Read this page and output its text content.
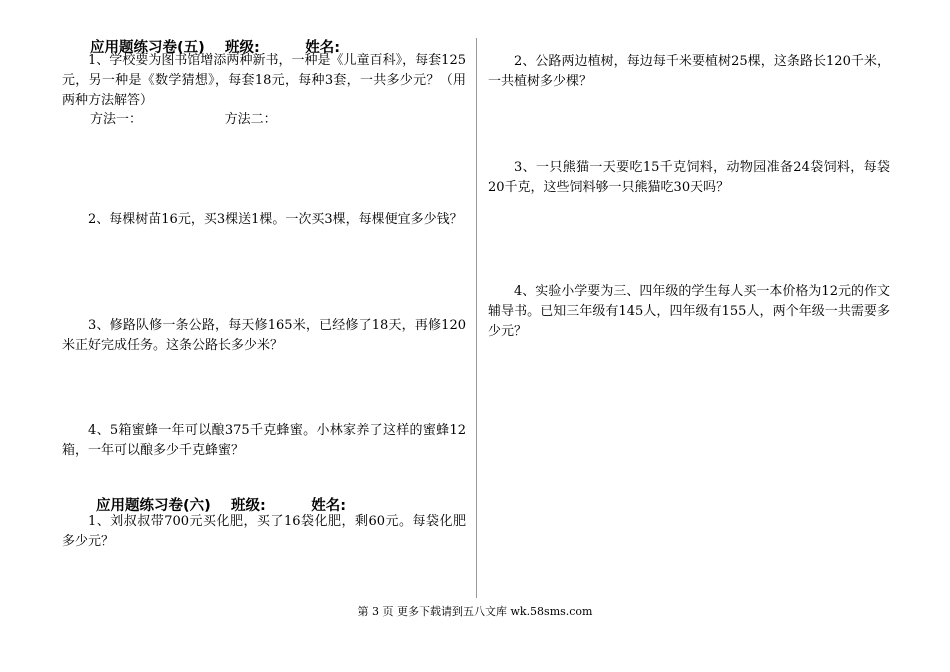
应用题练习卷(五) 班级:	姓名:

1、学校要为图书馆增添两种新书，一种是《儿童百科》，每套125元，另一种是《数学猜想》，每套18元，每种3套，一共多少元？（用两种方法解答）

方法一：	方法二：

2、每棵树苗16元，买3棵送1棵。一次买3棵，每棵便宜多少钱？

3、修路队修一条公路，每天修165米，已经修了18天，再修120米正好完成任务。这条公路长多少米？

4、5箱蜜蜂一年可以酿375千克蜂蜜。小林家养了这样的蜜蜂12箱，一年可以酿多少千克蜂蜜？

应用题练习卷(六) 班级:	姓名:

1、刘叔叔带700元买化肥，买了16袋化肥，剩60元。每袋化肥多少元？

2、公路两边植树，每边每千米要植树25棵，这条路长120千米，一共植树多少棵？

3、一只熊猫一天要吃15千克饲料，动物园准备24袋饲料，每袋20千克，这些饲料够一只熊猫吃30天吗？

4、实验小学要为三、四年级的学生每人买一本价格为12元的作文辅导书。已知三年级有145人，四年级有155人，两个年级一共需要多少元？

第 3 页 更多下载请到五八文库 wk.58sms.com
